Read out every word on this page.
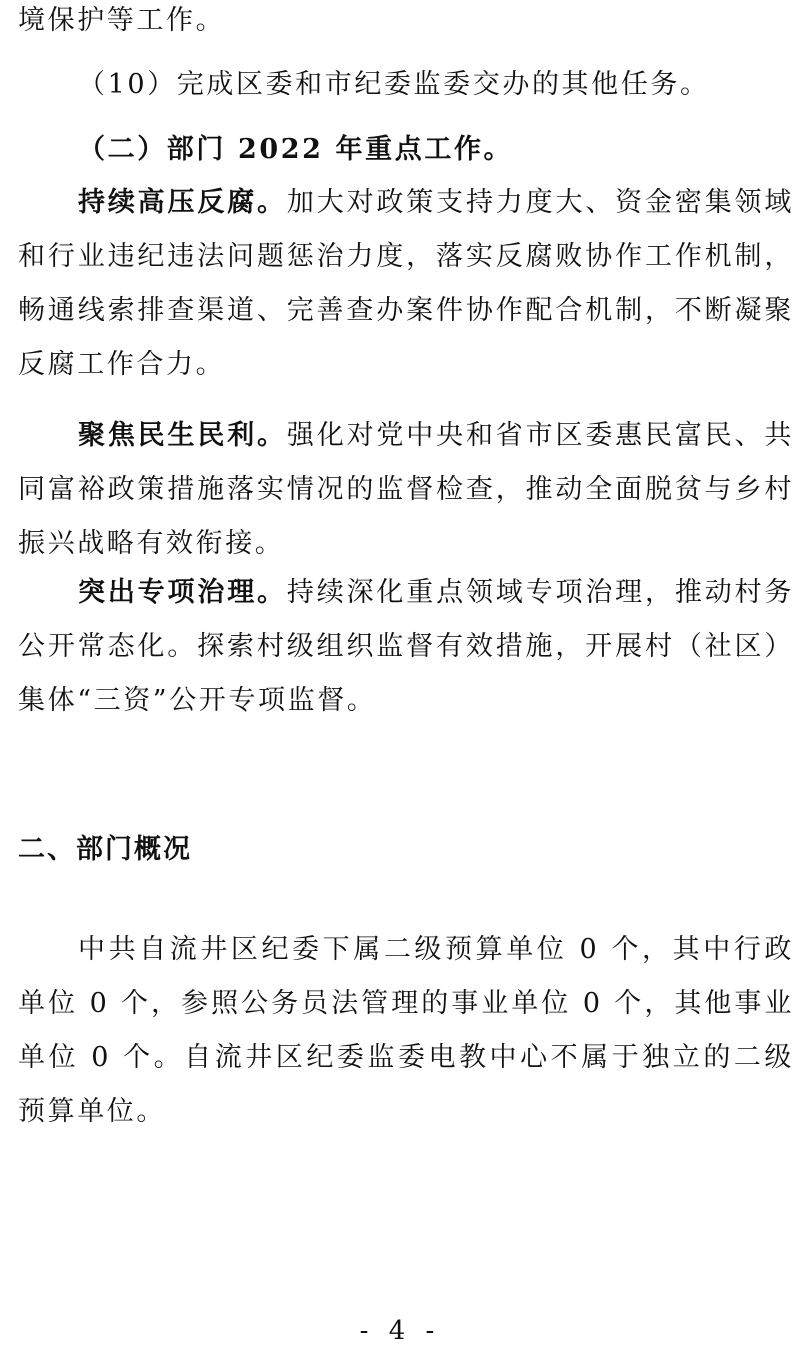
境保护等工作。

（10）完成区委和市纪委监委交办的其他任务。

（二）部门 2022 年重点工作。

持续高压反腐。加大对政策支持力度大、资金密集领域和行业违纪违法问题惩治力度，落实反腐败协作工作机制，畅通线索排查渠道、完善查办案件协作配合机制，不断凝聚反腐工作合力。

聚焦民生民利。强化对党中央和省市区委惠民富民、共同富裕政策措施落实情况的监督检查，推动全面脱贫与乡村振兴战略有效衔接。

突出专项治理。持续深化重点领域专项治理，推动村务公开常态化。探索村级组织监督有效措施，开展村（社区）集体“三资”公开专项监督。

二、部门概况

中共自流井区纪委下属二级预算单位 0 个，其中行政单位 0 个，参照公务员法管理的事业单位 0 个，其他事业单位 0 个。自流井区纪委监委电教中心不属于独立的二级预算单位。

- 4 -
